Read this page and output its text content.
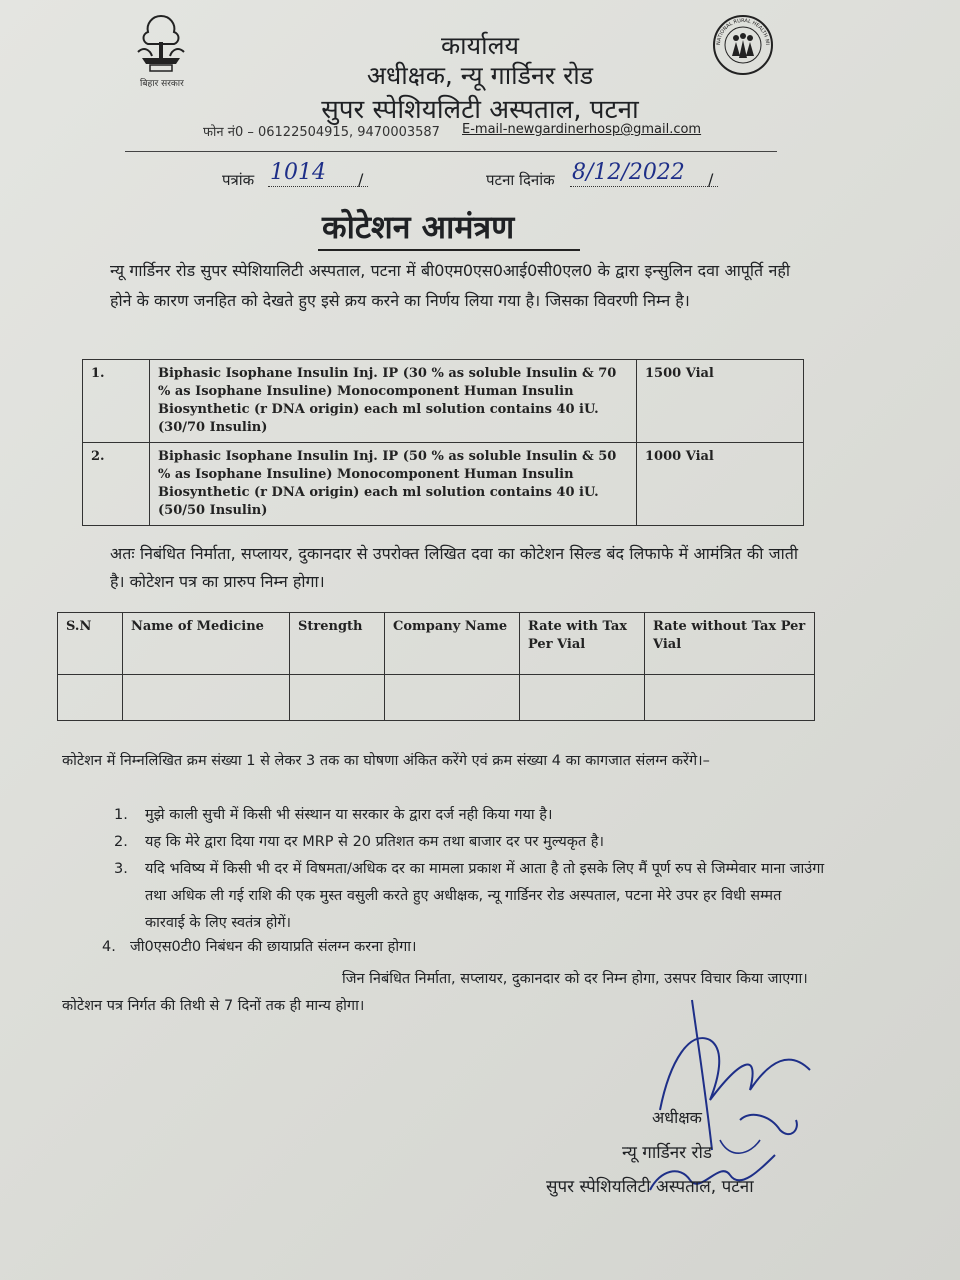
बिहार सरकार
NATIONAL RURAL HEALTH MI
कार्यालय
अधीक्षक, न्यू गार्डिनर रोड
सुपर स्पेशियलिटी अस्पताल, पटना
फोन नं0 – 06122504915, 9470003587 E-mail-newgardinerhosp@gmail.com
पत्रांक 1014 /	पटना दिनांक 8/12/2022 /
कोटेशन आमंत्रण
न्यू गार्डिनर रोड सुपर स्पेशियालिटी अस्पताल, पटना में बी0एम0एस0आई0सी0एल0 के द्वारा इन्सुलिन दवा आपूर्ति नही होने के कारण जनहित को देखते हुए इसे क्रय करने का निर्णय लिया गया है। जिसका विवरणी निम्न है।
1.	Biphasic Isophane Insulin Inj. IP (30 % as soluble Insulin & 70 % as Isophane Insuline) Monocomponent Human Insulin Biosynthetic (r DNA origin) each ml solution contains 40 iU. (30/70 Insulin)	1500 Vial
2.	Biphasic Isophane Insulin Inj. IP (50 % as soluble Insulin & 50 % as Isophane Insuline) Monocomponent Human Insulin Biosynthetic (r DNA origin) each ml solution contains 40 iU. (50/50 Insulin)	1000 Vial
अतः निबंधित निर्माता, सप्लायर, दुकानदार से उपरोक्त लिखित दवा का कोटेशन सिल्ड बंद लिफाफे में आमंत्रित की जाती है। कोटेशन पत्र का प्रारुप निम्न होगा।
S.N	Name of Medicine	Strength	Company Name	Rate with Tax Per Vial	Rate without Tax Per Vial

कोटेशन में निम्नलिखित क्रम संख्या 1 से लेकर 3 तक का घोषणा अंकित करेंगे एवं क्रम संख्या 4 का कागजात संलग्न करेंगे।–
1. मुझे काली सुची में किसी भी संस्थान या सरकार के द्वारा दर्ज नही किया गया है।
2. यह कि मेरे द्वारा दिया गया दर MRP से 20 प्रतिशत कम तथा बाजार दर पर मुल्यकृत है।
3. यदि भविष्य में किसी भी दर में विषमता/अधिक दर का मामला प्रकाश में आता है तो इसके लिए मैं पूर्ण रुप से जिम्मेवार माना जाउंगा तथा अधिक ली गई राशि की एक मुस्त वसुली करते हुए अधीक्षक, न्यू गार्डिनर रोड अस्पताल, पटना मेरे उपर हर विधी सम्मत कारवाई के लिए स्वतंत्र होगें।
4. जी0एस0टी0 निबंधन की छायाप्रति संलग्न करना होगा।
जिन निबंधित निर्माता, सप्लायर, दुकानदार को दर निम्न होगा, उसपर विचार किया जाएगा। कोटेशन पत्र निर्गत की तिथी से 7 दिनों तक ही मान्य होगा।
अधीक्षक
न्यू गार्डिनर रोड
सुपर स्पेशियलिटी अस्पताल, पटना
